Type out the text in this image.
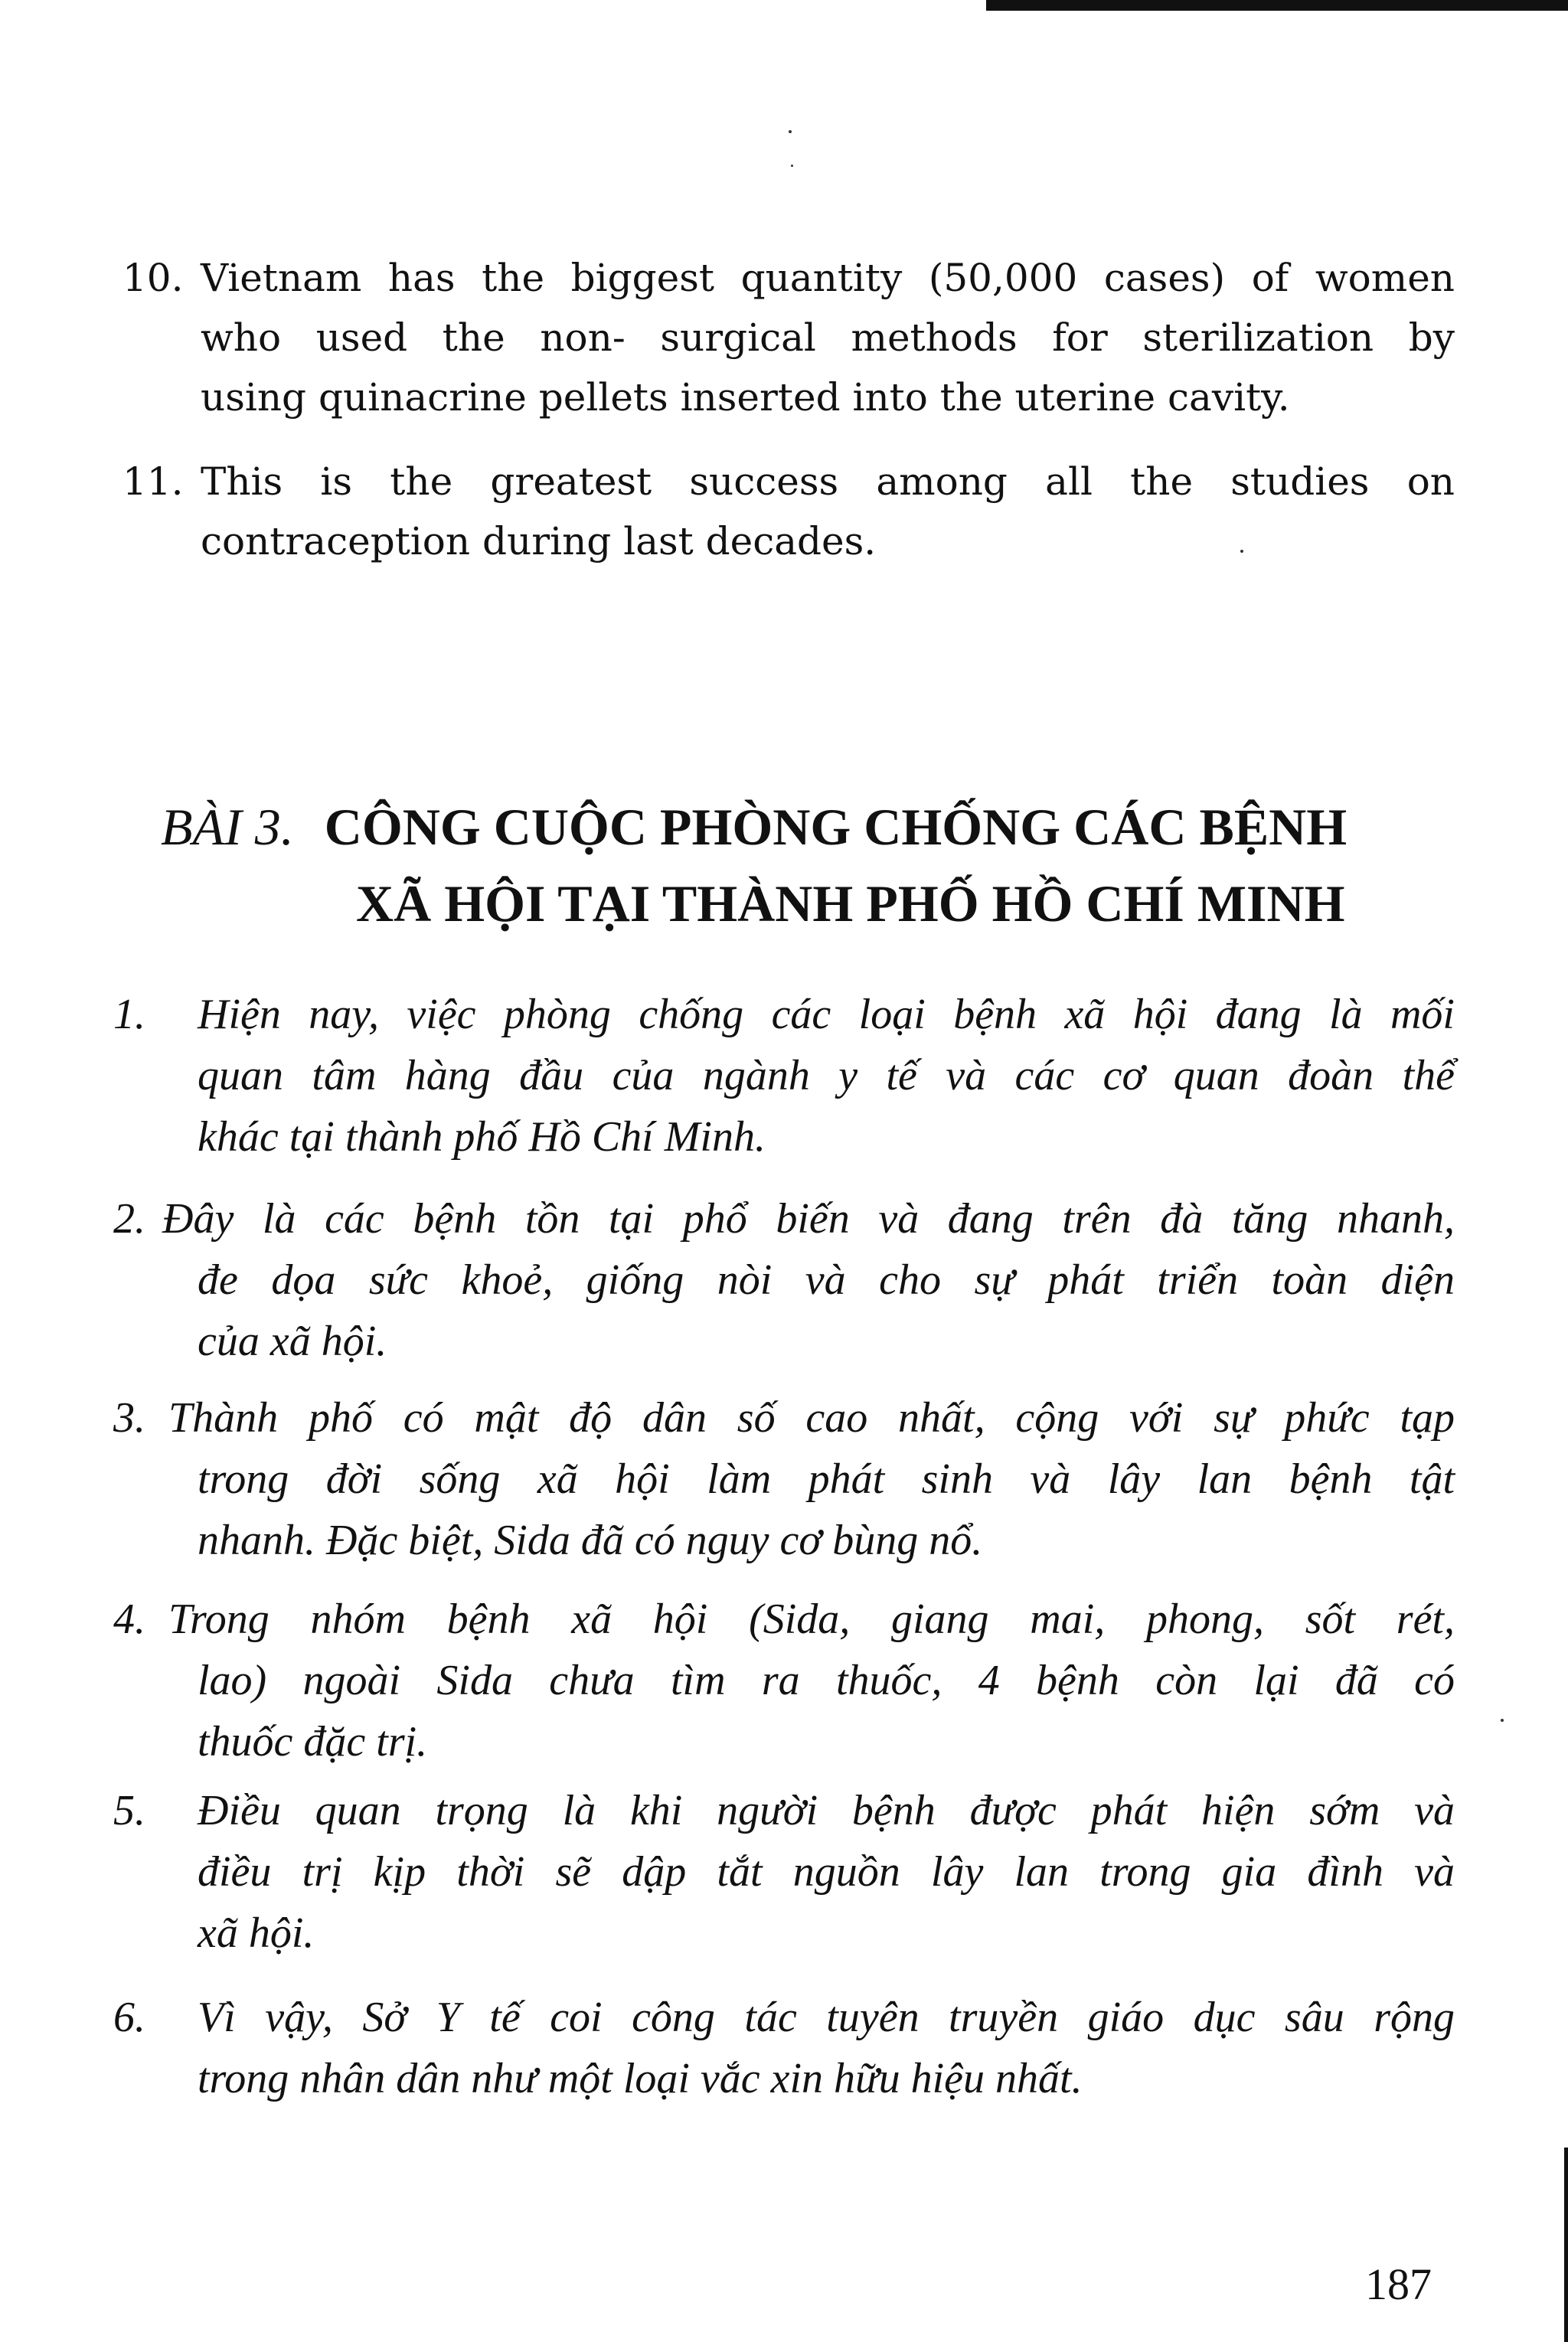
10. Vietnam has the biggest quantity (50,000 cases) of women
who used the non- surgical methods for sterilization by
using quinacrine pellets inserted into the uterine cavity.
11. This is the greatest success among all the studies on
contraception during last decades.
BÀI 3. CÔNG CUỘC PHÒNG CHỐNG CÁC BỆNH
XÃ HỘI TẠI THÀNH PHỐ HỒ CHÍ MINH
1. Hiện nay, việc phòng chống các loại bệnh xã hội đang là mối
quan tâm hàng đầu của ngành y tế và các cơ quan đoàn thể
khác tại thành phố Hồ Chí Minh.
2. Đây là các bệnh tồn tại phổ biến và đang trên đà tăng nhanh,
đe dọa sức khoẻ, giống nòi và cho sự phát triển toàn diện
của xã hội.
3. Thành phố có mật độ dân số cao nhất, cộng với sự phức tạp
trong đời sống xã hội làm phát sinh và lây lan bệnh tật
nhanh. Đặc biệt, Sida đã có nguy cơ bùng nổ.
4. Trong nhóm bệnh xã hội (Sida, giang mai, phong, sốt rét,
lao) ngoài Sida chưa tìm ra thuốc, 4 bệnh còn lại đã có
thuốc đặc trị.
5. Điều quan trọng là khi người bệnh được phát hiện sớm và
điều trị kịp thời sẽ dập tắt nguồn lây lan trong gia đình và
xã hội.
6. Vì vậy, Sở Y tế coi công tác tuyên truyền giáo dục sâu rộng
trong nhân dân như một loại vắc xin hữu hiệu nhất.
187
